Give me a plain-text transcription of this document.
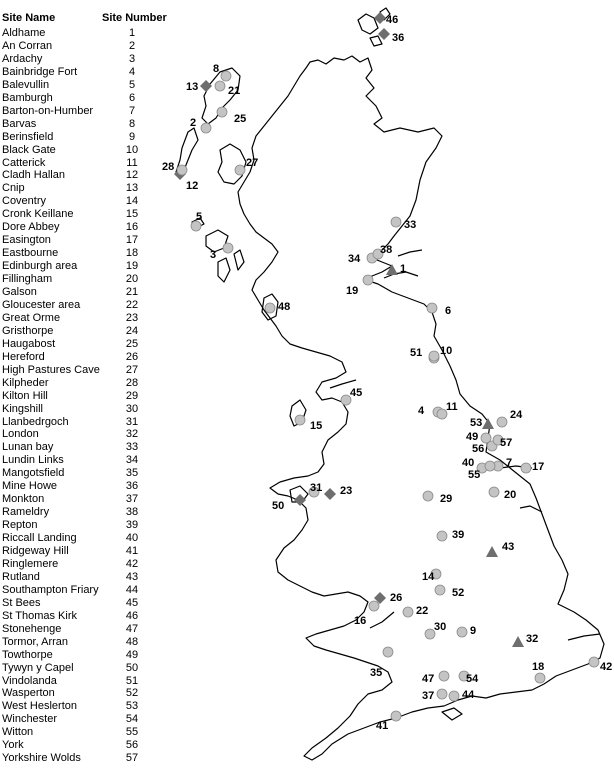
Site Name	Site Number
Aldhame	1
An Corran	2
Ardachy	3
Bainbridge Fort	4
Balevullin	5
Bamburgh	6
Barton-on-Humber	7
Barvas	8
Berinsfield	9
Black Gate	10
Catterick	11
Cladh Hallan	12
Cnip	13
Coventry	14
Cronk Keillane	15
Dore Abbey	16
Easington	17
Eastbourne	18
Edinburgh area	19
Fillingham	20
Galson	21
Gloucester area	22
Great Orme	23
Gristhorpe	24
Haugabost	25
Hereford	26
High Pastures Cave 27
Kilpheder	28
Kilton Hill	29
Kingshill	30
Llanbedrgoch	31
London	32
Lunan bay	33
Lundin Links	34
Mangotsfield	35
Mine Howe	36
Monkton	37
Rameldry	38
Repton	39
Riccall Landing	40
Ridgeway Hill	41
Ringlemere	42
Rutland	43
Southampton Friary 44
St Bees	45
St Thomas Kirk	46
Stonehenge	47
Tormor, Arran	48
Towthorpe	49
Tywyn y Capel	50
Vindolanda	51
Wasperton	52
West Heslerton	53
Winchester	54
Witton	55
York	56
Yorkshire Wolds	57
1
2
3
4
5
6
7
8
9
10
11
12
13
14
15
16
17
18
19
20
21
22
23
24
25
26
27
28
29
30
31
32
33
34
35
36
37
38
39
40
41
42
43
44
45
46
47
48
49
50
51
52
53
54
55
56 57
